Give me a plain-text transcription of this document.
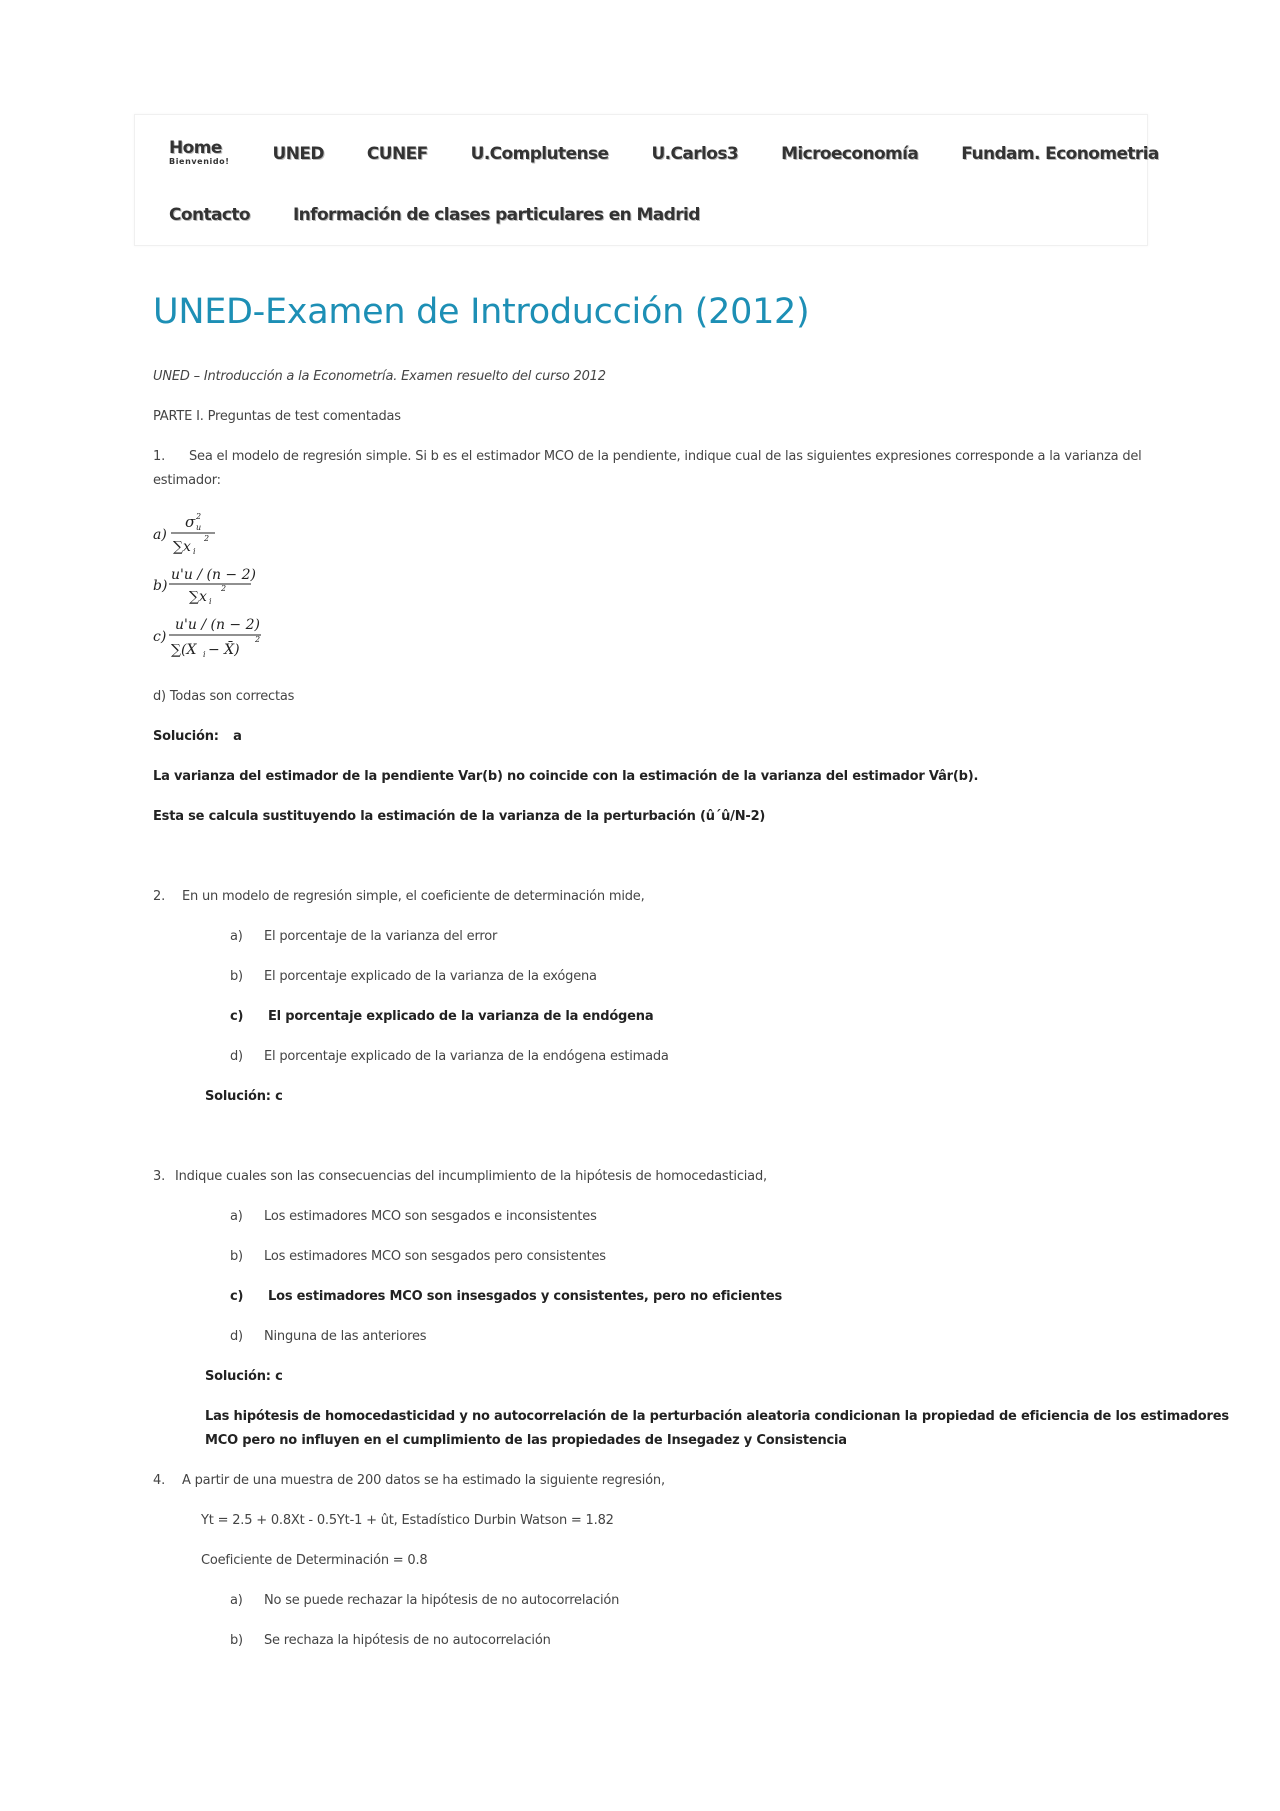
Home
Bienvenido!	UNED	CUNEF	U.Complutense	U.Carlos3	Microeconomía	Fundam. Econometria
Contacto	Información de clases particulares en Madrid
UNED-Examen de Introducción (2012)
UNED – Introducción a la Econometría. Examen resuelto del curso 2012
PARTE I. Preguntas de test comentadas
1. Sea el modelo de regresión simple. Si b es el estimador MCO de la pendiente, indique cual de las siguientes expresiones corresponde a la varianza del
estimador:
a)
σ 2
u
∑x i
2
b)
u'u / (n − 2)
∑x i
2
c)
u'u / (n − 2)
∑(X i − X̄)
2
d) Todas son correctas
Solución: a
La varianza del estimador de la pendiente Var(b) no coincide con la estimación de la varianza del estimador Vâr(b).
Esta se calcula sustituyendo la estimación de la varianza de la perturbación (û´û/N-2)
2. En un modelo de regresión simple, el coeficiente de determinación mide,
a) El porcentaje de la varianza del error
b) El porcentaje explicado de la varianza de la exógena
c) El porcentaje explicado de la varianza de la endógena
d) El porcentaje explicado de la varianza de la endógena estimada
Solución: c
3. Indique cuales son las consecuencias del incumplimiento de la hipótesis de homocedasticiad,
a) Los estimadores MCO son sesgados e inconsistentes
b) Los estimadores MCO son sesgados pero consistentes
c) Los estimadores MCO son insesgados y consistentes, pero no eficientes
d) Ninguna de las anteriores
Solución: c
Las hipótesis de homocedasticidad y no autocorrelación de la perturbación aleatoria condicionan la propiedad de eficiencia de los estimadores
MCO pero no influyen en el cumplimiento de las propiedades de Insegadez y Consistencia
4. A partir de una muestra de 200 datos se ha estimado la siguiente regresión,
Yt = 2.5 + 0.8Xt - 0.5Yt-1 + ût, Estadístico Durbin Watson = 1.82
Coeficiente de Determinación = 0.8
a) No se puede rechazar la hipótesis de no autocorrelación
b) Se rechaza la hipótesis de no autocorrelación
